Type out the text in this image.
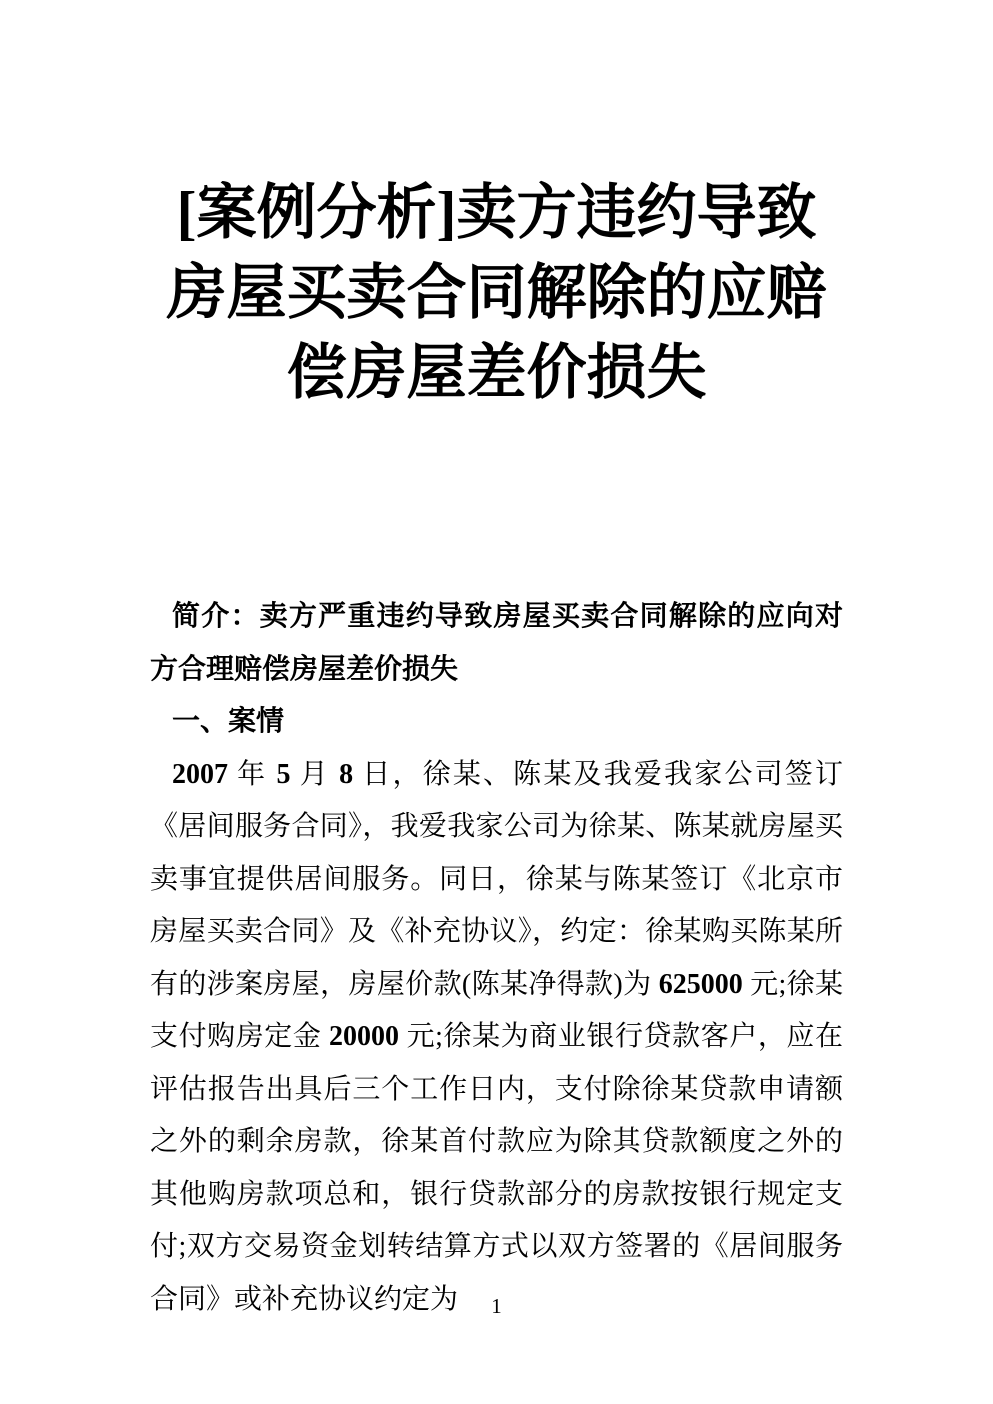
[案例分析]卖方违约导致房屋买卖合同解除的应赔偿房屋差价损失

简介：卖方严重违约导致房屋买卖合同解除的应向对方合理赔偿房屋差价损失

一、案情

2007 年 5 月 8 日，徐某、陈某及我爱我家公司签订《居间服务合同》，我爱我家公司为徐某、陈某就房屋买卖事宜提供居间服务。同日，徐某与陈某签订《北京市房屋买卖合同》及《补充协议》，约定：徐某购买陈某所有的涉案房屋，房屋价款(陈某净得款)为 625000 元;徐某支付购房定金 20000 元;徐某为商业银行贷款客户，应在评估报告出具后三个工作日内，支付除徐某贷款申请额之外的剩余房款，徐某首付款应为除其贷款额度之外的其他购房款项总和，银行贷款部分的房款按银行规定支付;双方交易资金划转结算方式以双方签署的《居间服务合同》或补充协议约定为	1
